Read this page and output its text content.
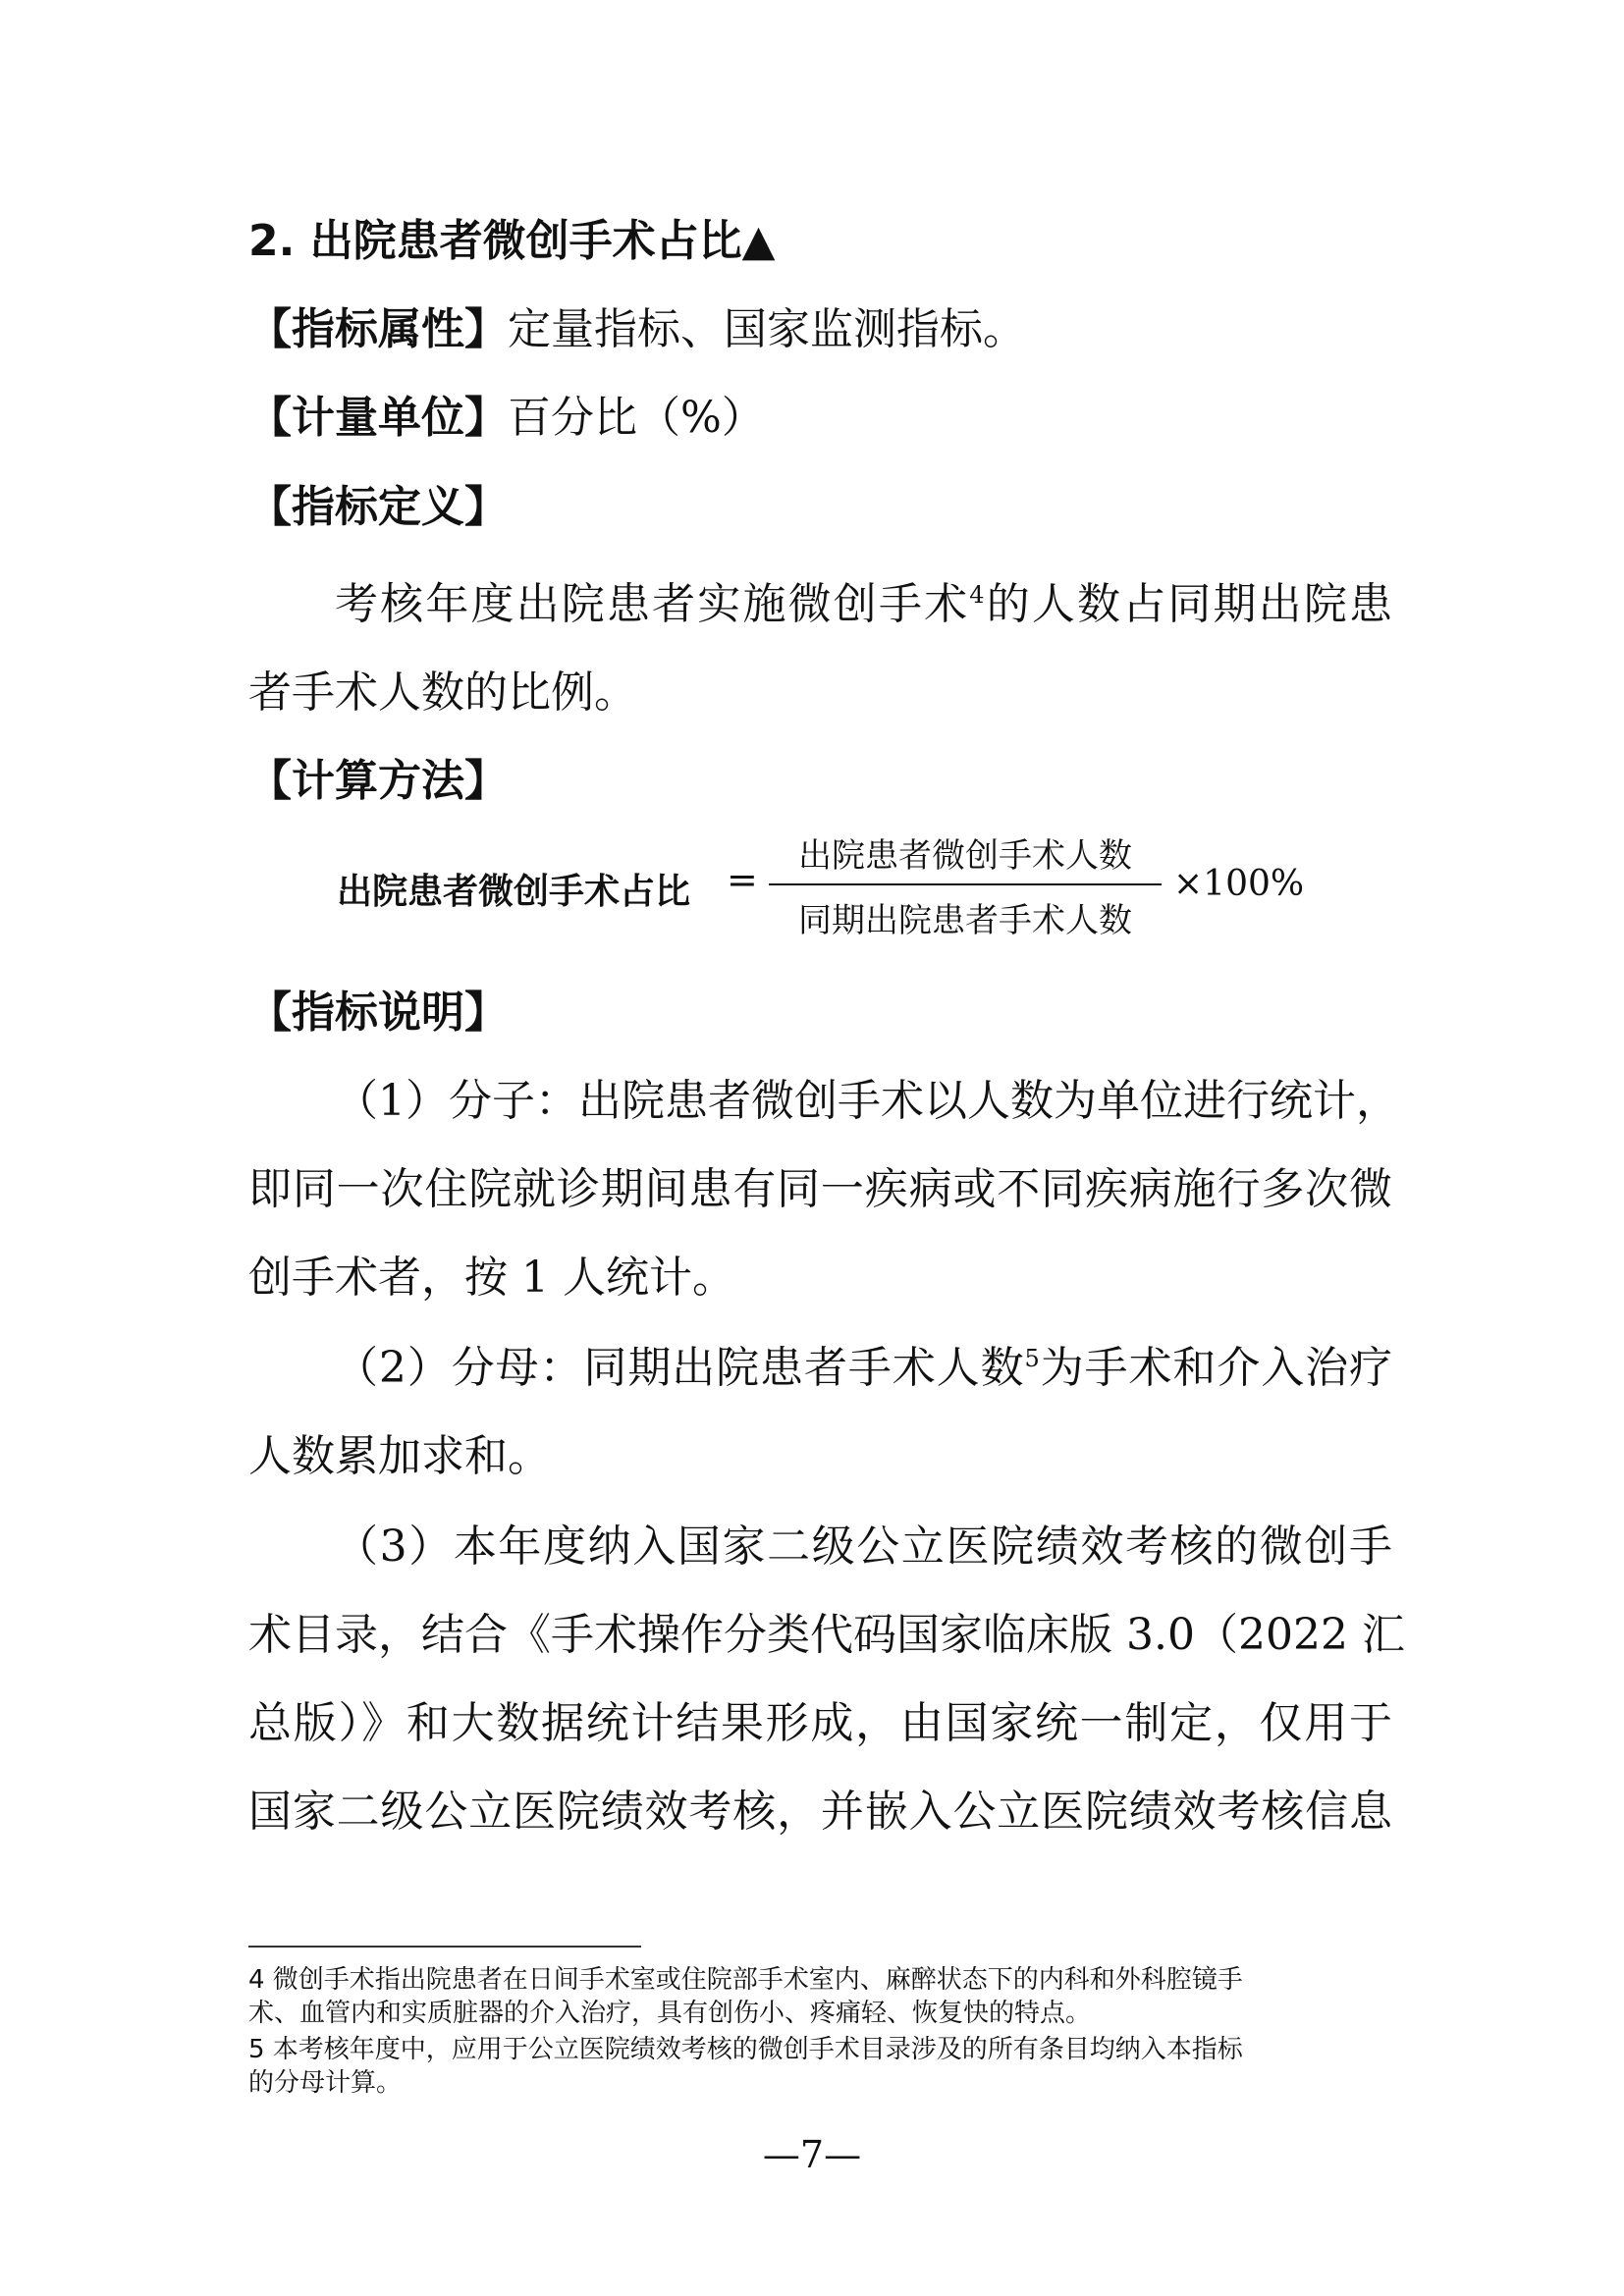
2. 出院患者微创手术占比▲
【指标属性】定量指标、国家监测指标。
【计量单位】百分比（%）
【指标定义】
考核年度出院患者实施微创手术$^4$的人数占同期出院患
者手术人数的比例。
【计算方法】
出院患者微创手术占比 =
出院患者微创手术人数
同期出院患者手术人数
×100%
【指标说明】
（1）分子：出院患者微创手术以人数为单位进行统计，
即同一次住院就诊期间患有同一疾病或不同疾病施行多次微
创手术者，按 1 人统计。
（2）分母：同期出院患者手术人数$^5$为手术和介入治疗
人数累加求和。
（3）本年度纳入国家二级公立医院绩效考核的微创手
术目录，结合《手术操作分类代码国家临床版 3.0（2022 汇
总版）》和大数据统计结果形成，由国家统一制定，仅用于
国家二级公立医院绩效考核，并嵌入公立医院绩效考核信息
4 微创手术指出院患者在日间手术室或住院部手术室内、麻醉状态下的内科和外科腔镜手
术、血管内和实质脏器的介入治疗，具有创伤小、疼痛轻、恢复快的特点。
5 本考核年度中，应用于公立医院绩效考核的微创手术目录涉及的所有条目均纳入本指标
的分母计算。
—7—
